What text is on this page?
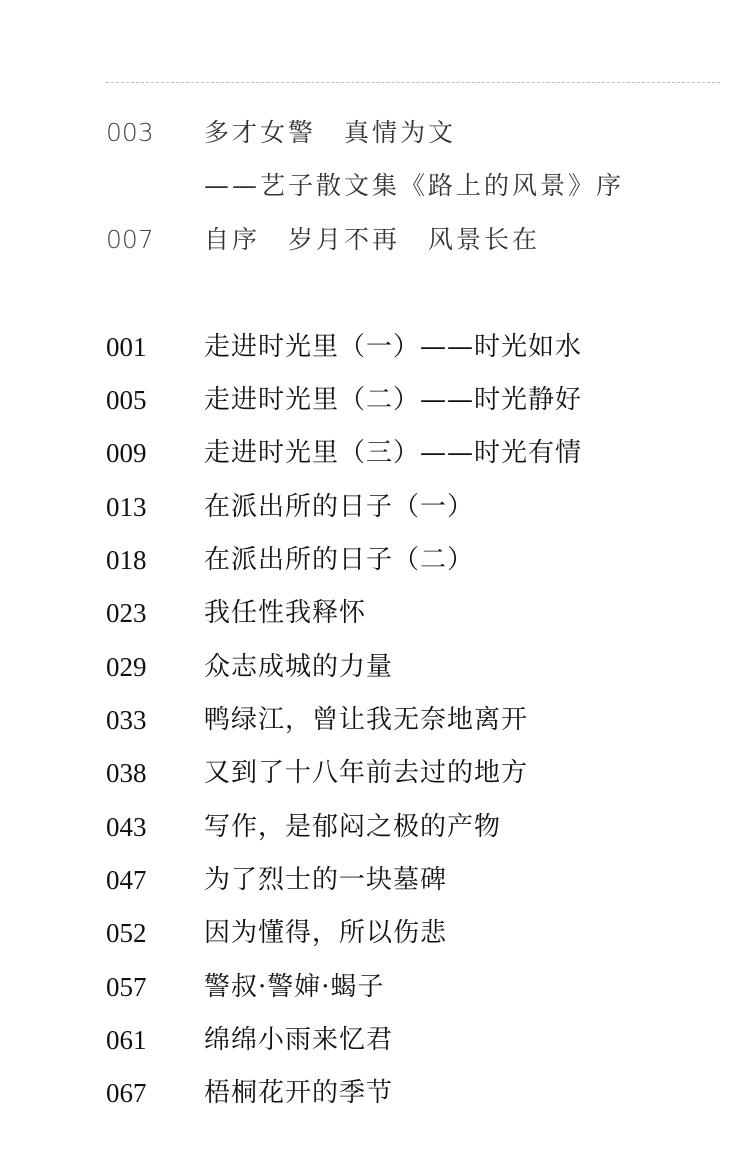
003 多才女警　真情为文
——艺子散文集《路上的风景》序
007 自序　岁月不再　风景长在
001 走进时光里（一）——时光如水
005 走进时光里（二）——时光静好
009 走进时光里（三）——时光有情
013 在派出所的日子（一）
018 在派出所的日子（二）
023 我任性我释怀
029 众志成城的力量
033 鸭绿江，曾让我无奈地离开
038 又到了十八年前去过的地方
043 写作，是郁闷之极的产物
047 为了烈士的一块墓碑
052 因为懂得，所以伤悲
057 警叔·警婶·蝎子
061 绵绵小雨来忆君
067 梧桐花开的季节
